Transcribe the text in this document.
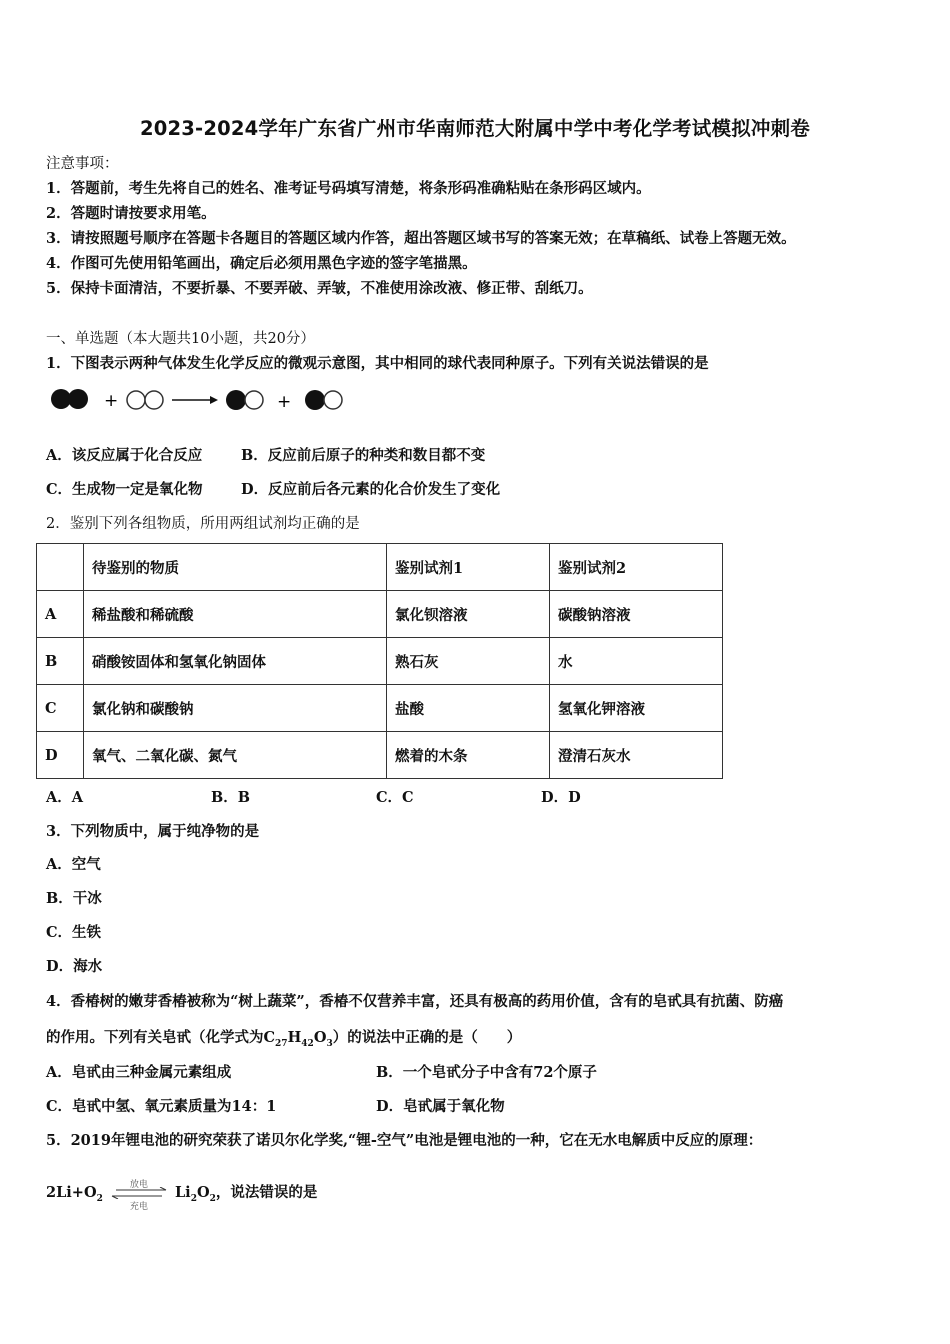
2023-2024学年广东省广州市华南师范大附属中学中考化学考试模拟冲刺卷
注意事项：
1．答题前，考生先将自己的姓名、准考证号码填写清楚，将条形码准确粘贴在条形码区域内。
2．答题时请按要求用笔。
3．请按照题号顺序在答题卡各题目的答题区域内作答，超出答题区域书写的答案无效；在草稿纸、试卷上答题无效。
4．作图可先使用铅笔画出，确定后必须用黑色字迹的签字笔描黑。
5．保持卡面清洁，不要折暴、不要弄破、弄皱，不准使用涂改液、修正带、刮纸刀。
一、单选题（本大题共10小题，共20分）
1．下图表示两种气体发生化学反应的微观示意图，其中相同的球代表同种原子。下列有关说法错误的是
+	+
A．该反应属于化合反应	B．反应前后原子的种类和数目都不变
C．生成物一定是氧化物	D．反应前后各元素的化合价发生了变化
2．鉴别下列各组物质，所用两组试剂均正确的是
	待鉴别的物质	鉴别试剂1	鉴别试剂2
A	稀盐酸和稀硫酸	氯化钡溶液	碳酸钠溶液
B	硝酸铵固体和氢氧化钠固体	熟石灰	水
C	氯化钠和碳酸钠	盐酸	氢氧化钾溶液
D	氧气、二氧化碳、氮气	燃着的木条	澄清石灰水
A．A	B．B	C．C	D．D
3．下列物质中，属于纯净物的是
A．空气
B．干冰
C．生铁
D．海水
4．香椿树的嫩芽香椿被称为“树上蔬菜”，香椿不仅营养丰富，还具有极高的药用价值，含有的皂甙具有抗菌、防癌
的作用。下列有关皂甙（化学式为$C_{27}H_{42}O_3$）的说法中正确的是（　　）
A．皂甙由三种金属元素组成	B．一个皂甙分子中含有72个原子
C．皂甙中氢、氧元素质量为14：1	D．皂甙属于氧化物
5．2019年锂电池的研究荣获了诺贝尔化学奖,“锂-空气”电池是锂电池的一种，它在无水电解质中反应的原理：
$2Li+O_2$
放电
充电
$Li_2O_2$，说法错误的是
